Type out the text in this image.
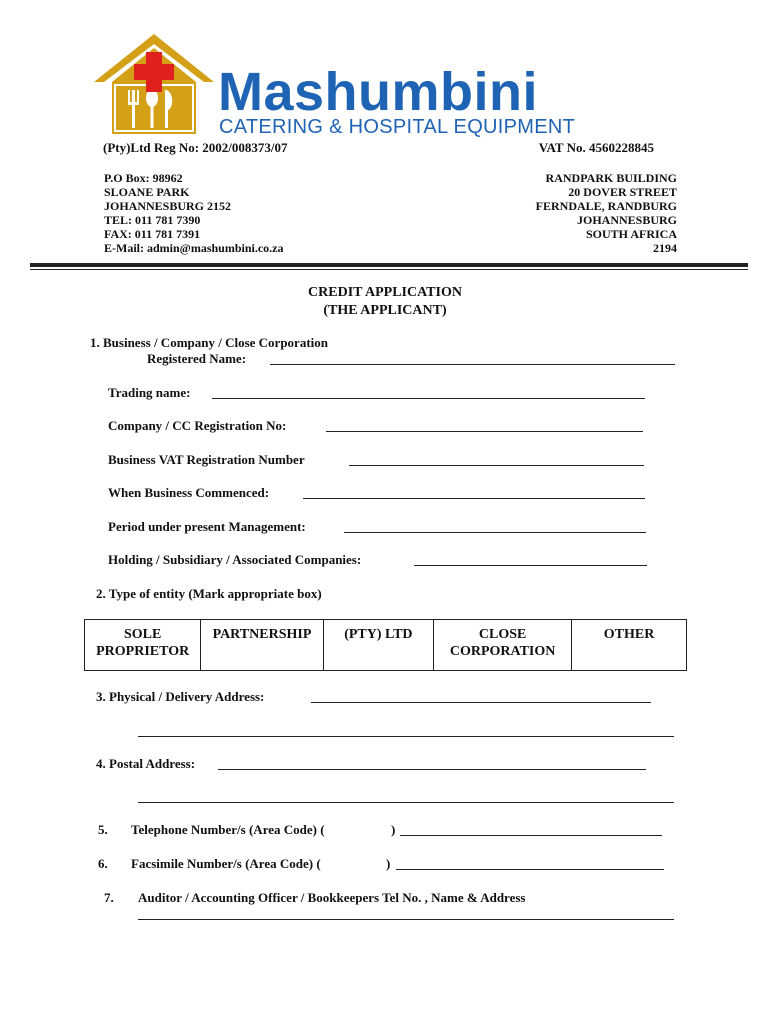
Mashumbini
CATERING & HOSPITAL EQUIPMENT
(Pty)Ltd Reg No: 2002/008373/07	VAT No. 4560228845
P.O Box: 98962
SLOANE PARK
JOHANNESBURG 2152
TEL: 011 781 7390
FAX: 011 781 7391
E-Mail: admin@mashumbini.co.za
RANDPARK BUILDING
20 DOVER STREET
FERNDALE, RANDBURG
JOHANNESBURG
SOUTH AFRICA
2194
CREDIT APPLICATION
(THE APPLICANT)
1. Business / Company / Close Corporation
Registered Name:
Trading name:
Company / CC Registration No:
Business VAT Registration Number
When Business Commenced:
Period under present Management:
Holding / Subsidiary / Associated Companies:
2. Type of entity (Mark appropriate box)
SOLE PROPRIETOR	PARTNERSHIP	(PTY) LTD	CLOSE CORPORATION	OTHER
3. Physical / Delivery Address:
4. Postal Address:
5. Telephone Number/s (Area Code) (	)
6. Facsimile Number/s (Area Code) (	)
7. Auditor / Accounting Officer / Bookkeepers Tel No. , Name & Address
